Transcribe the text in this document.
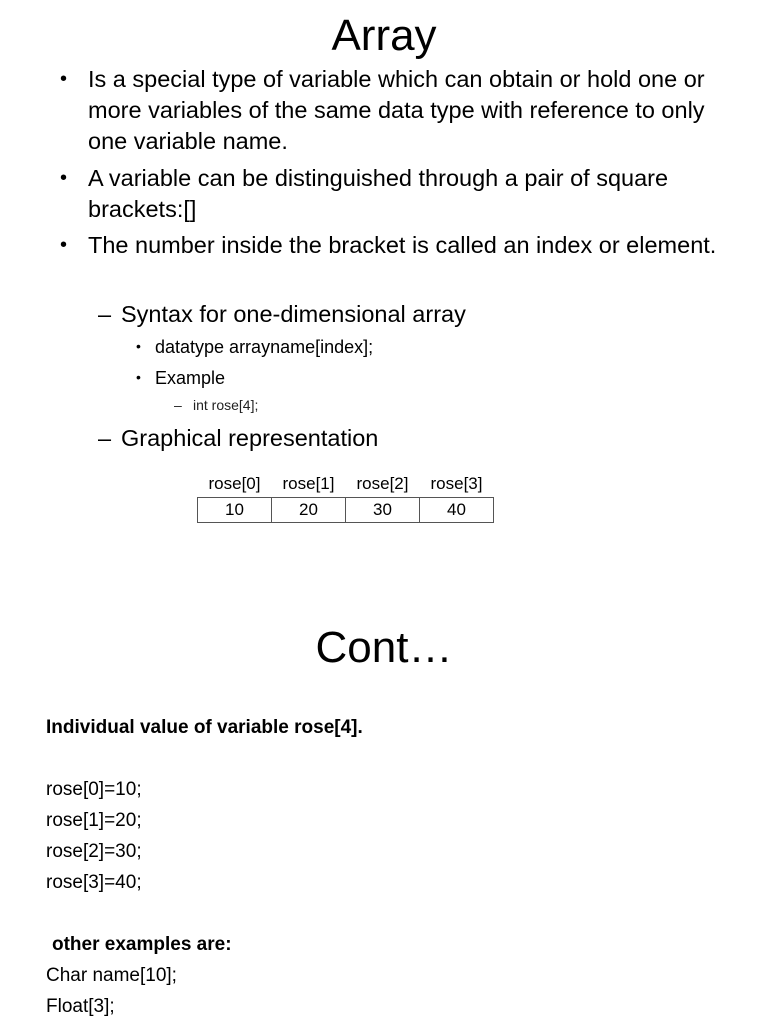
Array
• Is a special type of variable which can obtain or hold one or more variables of the same data type with reference to only one variable name.
• A variable can be distinguished through a pair of square brackets:[]
• The number inside the bracket is called an index or element.
– Syntax for one-dimensional array
• datatype arrayname[index];
• Example
– int rose[4];
– Graphical representation
rose[0]	rose[1]	rose[2]	rose[3]
10	20	30	40
Cont…
Individual value of variable rose[4].
rose[0]=10;
rose[1]=20;
rose[2]=30;
rose[3]=40;
other examples are:
Char name[10];
Float[3];
